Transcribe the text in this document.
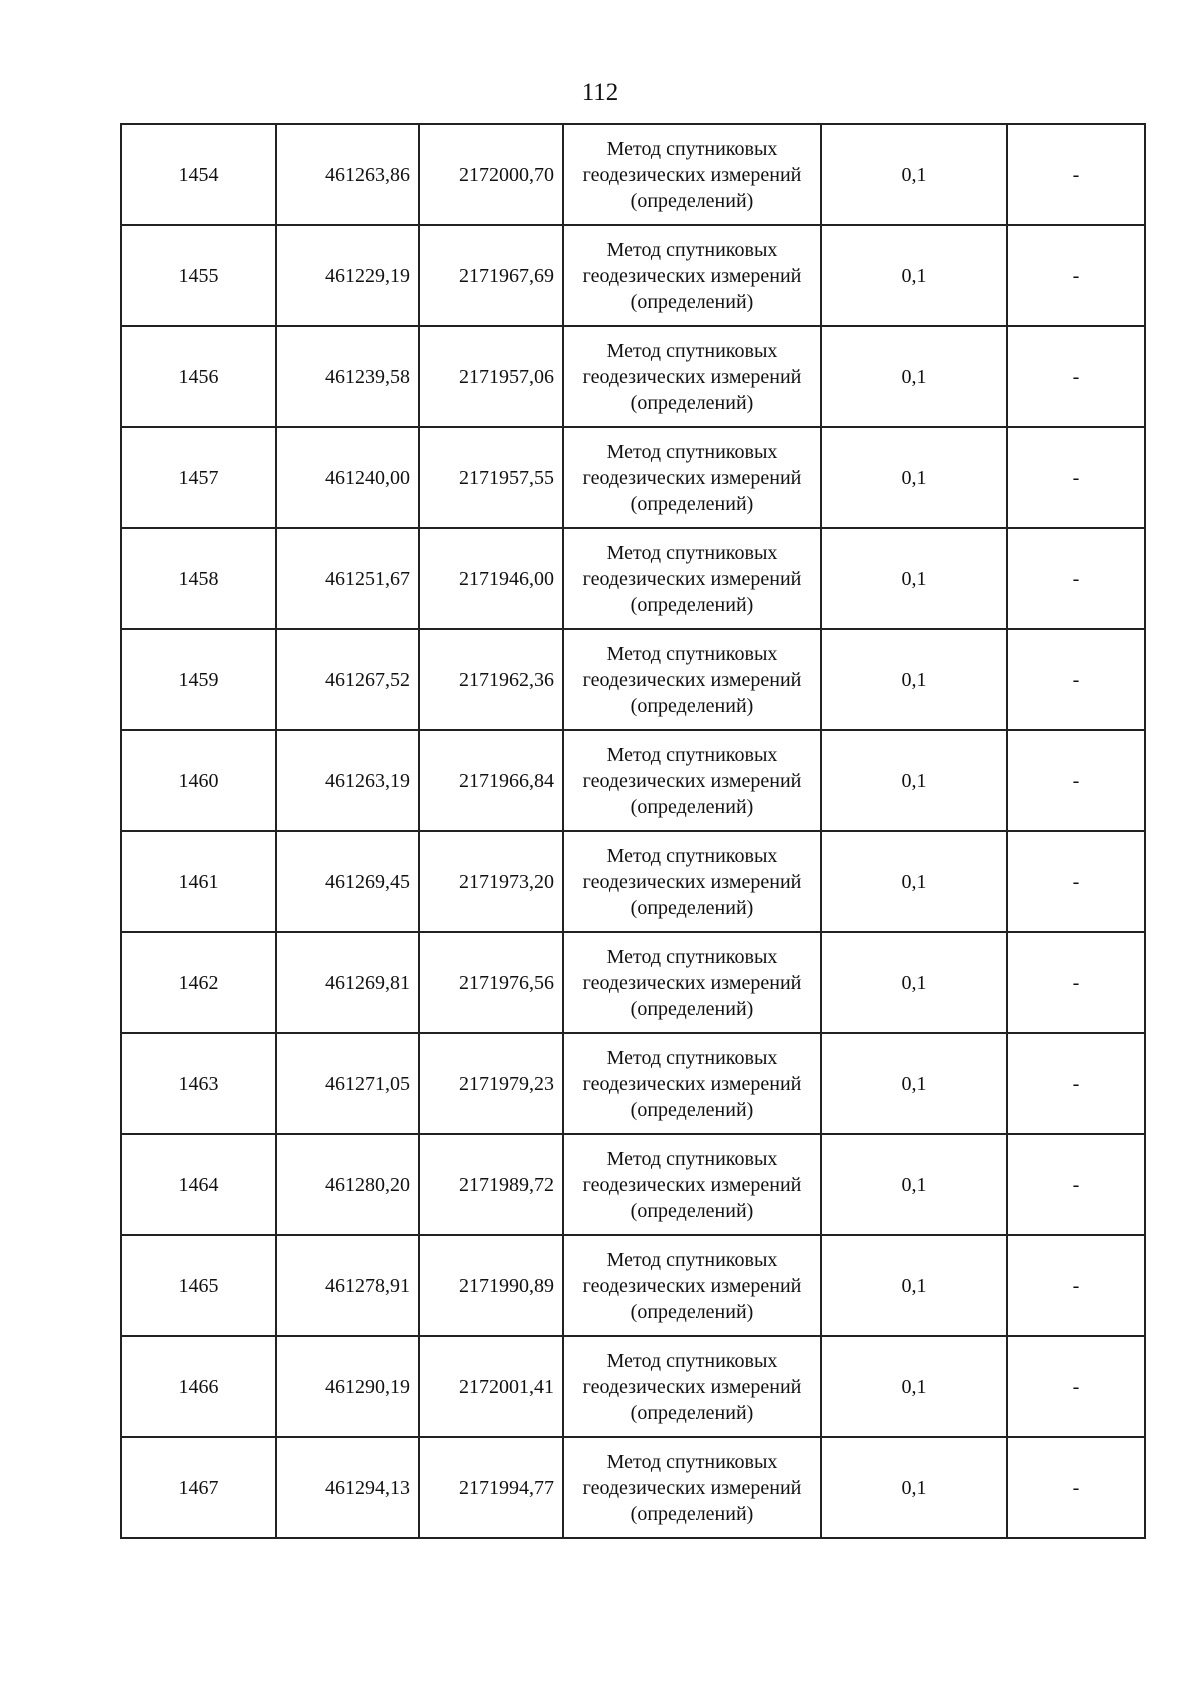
112
1454	461263,86	2172000,70	Метод спутниковых
геодезических измерений
(определений)	0,1	-
1455	461229,19	2171967,69	Метод спутниковых
геодезических измерений
(определений)	0,1	-
1456	461239,58	2171957,06	Метод спутниковых
геодезических измерений
(определений)	0,1	-
1457	461240,00	2171957,55	Метод спутниковых
геодезических измерений
(определений)	0,1	-
1458	461251,67	2171946,00	Метод спутниковых
геодезических измерений
(определений)	0,1	-
1459	461267,52	2171962,36	Метод спутниковых
геодезических измерений
(определений)	0,1	-
1460	461263,19	2171966,84	Метод спутниковых
геодезических измерений
(определений)	0,1	-
1461	461269,45	2171973,20	Метод спутниковых
геодезических измерений
(определений)	0,1	-
1462	461269,81	2171976,56	Метод спутниковых
геодезических измерений
(определений)	0,1	-
1463	461271,05	2171979,23	Метод спутниковых
геодезических измерений
(определений)	0,1	-
1464	461280,20	2171989,72	Метод спутниковых
геодезических измерений
(определений)	0,1	-
1465	461278,91	2171990,89	Метод спутниковых
геодезических измерений
(определений)	0,1	-
1466	461290,19	2172001,41	Метод спутниковых
геодезических измерений
(определений)	0,1	-
1467	461294,13	2171994,77	Метод спутниковых
геодезических измерений
(определений)	0,1	-
